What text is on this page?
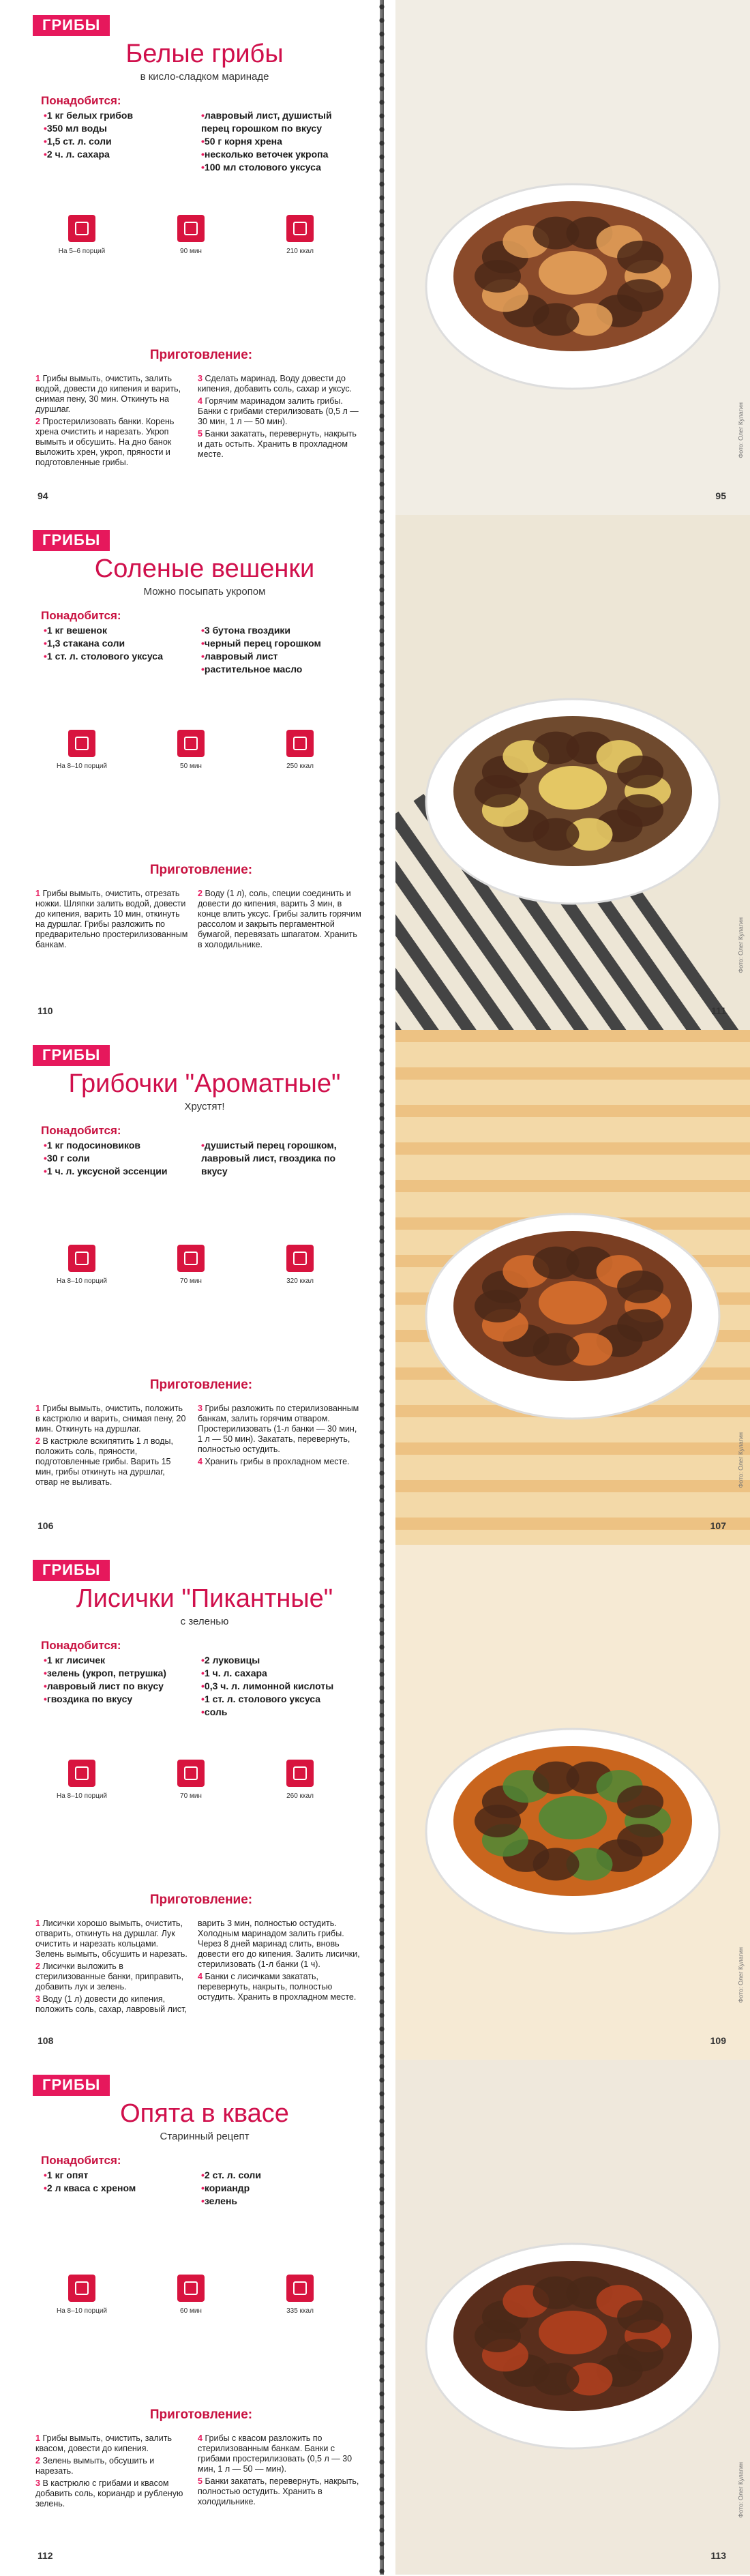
ГРИБЫ
Белые грибы
в кисло-сладком маринаде
Понадобится:
• 1 кг белых грибов
• 350 мл воды
• 1,5 ст. л. соли
• 2 ч. л. сахара
• лавровый лист, душистый перец горошком по вкусу
• 50 г корня хрена
• несколько веточек укропа
• 100 мл столового уксуса
На 5–6 порций	90 мин	210 ккал
Приготовление:

1 Грибы вымыть, очистить, залить водой, довести до кипения и варить, снимая пену, 30 мин. Откинуть на дуршлаг.

2 Простерилизовать банки. Корень хрена очистить и нарезать. Укроп вымыть и обсушить. На дно банок выложить хрен, укроп, пряности и подготовленные грибы.

3 Сделать маринад. Воду довести до кипения, добавить соль, сахар и уксус.

4 Горячим маринадом залить грибы. Банки с грибами стерилизовать (0,5 л — 30 мин, 1 л — 50 мин).

5 Банки закатать, перевернуть, накрыть и дать остыть. Хранить в прохладном месте.

94
Фото: Олег Кулагин
95
ГРИБЫ
Соленые вешенки
Можно посыпать укропом
Понадобится:
• 1 кг вешенок
• 1,3 стакана соли
• 1 ст. л. столового уксуса
• 3 бутона гвоздики
• черный перец горошком
• лавровый лист
• растительное масло
На 8–10 порций	50 мин	250 ккал
Приготовление:

1 Грибы вымыть, очистить, отрезать ножки. Шляпки залить водой, довести до кипения, варить 10 мин, откинуть на дуршлаг. Грибы разложить по предварительно простерилизованным банкам.

2 Воду (1 л), соль, специи соединить и довести до кипения, варить 3 мин, в конце влить уксус. Грибы залить горячим рассолом и закрыть пергаментной бумагой, перевязать шпагатом. Хранить в холодильнике.

110
Фото: Олег Кулагин
111
ГРИБЫ
Грибочки "Ароматные"
Хрустят!
Понадобится:
• 1 кг подосиновиков
• 30 г соли
• 1 ч. л. уксусной эссенции
• душистый перец горошком, лавровый лист, гвоздика по вкусу
На 8–10 порций	70 мин	320 ккал
Приготовление:

1 Грибы вымыть, очистить, положить в кастрюлю и варить, снимая пену, 20 мин. Откинуть на дуршлаг.

2 В кастрюле вскипятить 1 л воды, положить соль, пряности, подготовленные грибы. Варить 15 мин, грибы откинуть на дуршлаг, отвар не выливать.

3 Грибы разложить по стерилизованным банкам, залить горячим отваром. Простерилизовать (1-л банки — 30 мин, 1 л — 50 мин). Закатать, перевернуть, полностью остудить.

4 Хранить грибы в прохладном месте.

106
Фото: Олег Кулагин
107
ГРИБЫ
Лисички "Пикантные"
с зеленью
Понадобится:
• 1 кг лисичек
• зелень (укроп, петрушка)
• лавровый лист по вкусу
• гвоздика по вкусу
• 2 луковицы
• 1 ч. л. сахара
• 0,3 ч. л. лимонной кислоты
• 1 ст. л. столового уксуса
• соль
На 8–10 порций	70 мин	260 ккал
Приготовление:

1 Лисички хорошо вымыть, очистить, отварить, откинуть на дуршлаг. Лук очистить и нарезать кольцами. Зелень вымыть, обсушить и нарезать.

2 Лисички выложить в стерилизованные банки, приправить, добавить лук и зелень.

3 Воду (1 л) довести до кипения, положить соль, сахар, лавровый лист,

варить 3 мин, полностью остудить. Холодным маринадом залить грибы. Через 8 дней маринад слить, вновь довести его до кипения. Залить лисички, стерилизовать (1-л банки (1 ч).

4 Банки с лисичками закатать, перевернуть, накрыть, полностью остудить. Хранить в прохладном месте.

108
Фото: Олег Кулагин
109
ГРИБЫ
Опята в квасе
Старинный рецепт
Понадобится:
• 1 кг опят
• 2 л кваса с хреном
• 2 ст. л. соли
• кориандр
• зелень
На 8–10 порций	60 мин	335 ккал
Приготовление:

1 Грибы вымыть, очистить, залить квасом, довести до кипения.

2 Зелень вымыть, обсушить и нарезать.

3 В кастрюлю с грибами и квасом добавить соль, кориандр и рубленую зелень.

4 Грибы с квасом разложить по стерилизованным банкам. Банки с грибами простерилизовать (0,5 л — 30 мин, 1 л — 50 — мин).

5 Банки закатать, перевернуть, накрыть, полностью остудить. Хранить в холодильнике.

112
Фото: Олег Кулагин
113
